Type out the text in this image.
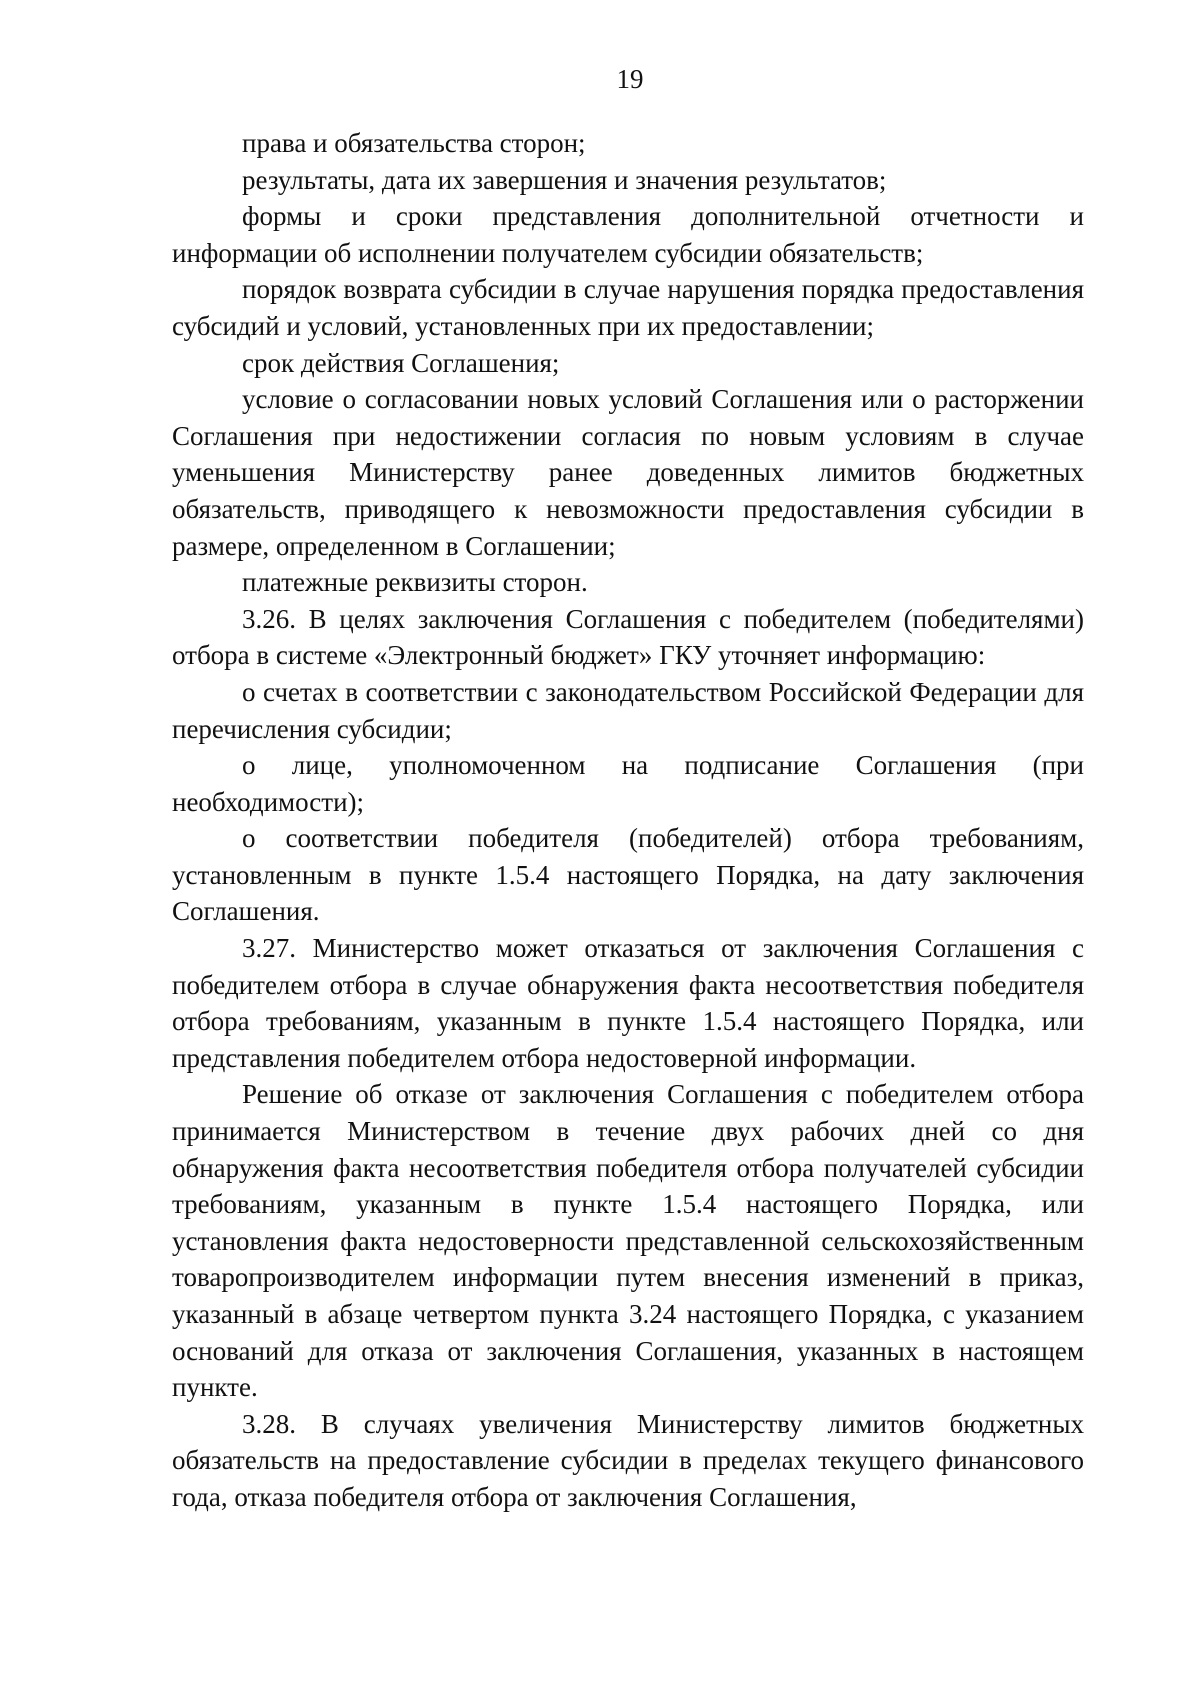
19

права и обязательства сторон;

результаты, дата их завершения и значения результатов;

формы и сроки представления дополнительной отчетности и информации об исполнении получателем субсидии обязательств;

порядок возврата субсидии в случае нарушения порядка предоставления субсидий и условий, установленных при их предоставлении;

срок действия Соглашения;

условие о согласовании новых условий Соглашения или о расторжении Соглашения при недостижении согласия по новым условиям в случае уменьшения Министерству ранее доведенных лимитов бюджетных обязательств, приводящего к невозможности предоставления субсидии в размере, определенном в Соглашении;

платежные реквизиты сторон.

3.26. В целях заключения Соглашения с победителем (победителями) отбора в системе «Электронный бюджет» ГКУ уточняет информацию:

о счетах в соответствии с законодательством Российской Федерации для перечисления субсидии;

о лице, уполномоченном на подписание Соглашения (при необходимости);

о соответствии победителя (победителей) отбора требованиям, установленным в пункте 1.5.4 настоящего Порядка, на дату заключения Соглашения.

3.27. Министерство может отказаться от заключения Соглашения с победителем отбора в случае обнаружения факта несоответствия победителя отбора требованиям, указанным в пункте 1.5.4 настоящего Порядка, или представления победителем отбора недостоверной информации.

Решение об отказе от заключения Соглашения с победителем отбора принимается Министерством в течение двух рабочих дней со дня обнаружения факта несоответствия победителя отбора получателей субсидии требованиям, указанным в пункте 1.5.4 настоящего Порядка, или установления факта недостоверности представленной сельскохозяйственным товаропроизводителем информации путем внесения изменений в приказ, указанный в абзаце четвертом пункта 3.24 настоящего Порядка, с указанием оснований для отказа от заключения Соглашения, указанных в настоящем пункте.

3.28. В случаях увеличения Министерству лимитов бюджетных обязательств на предоставление субсидии в пределах текущего финансового года, отказа победителя отбора от заключения Соглашения,
